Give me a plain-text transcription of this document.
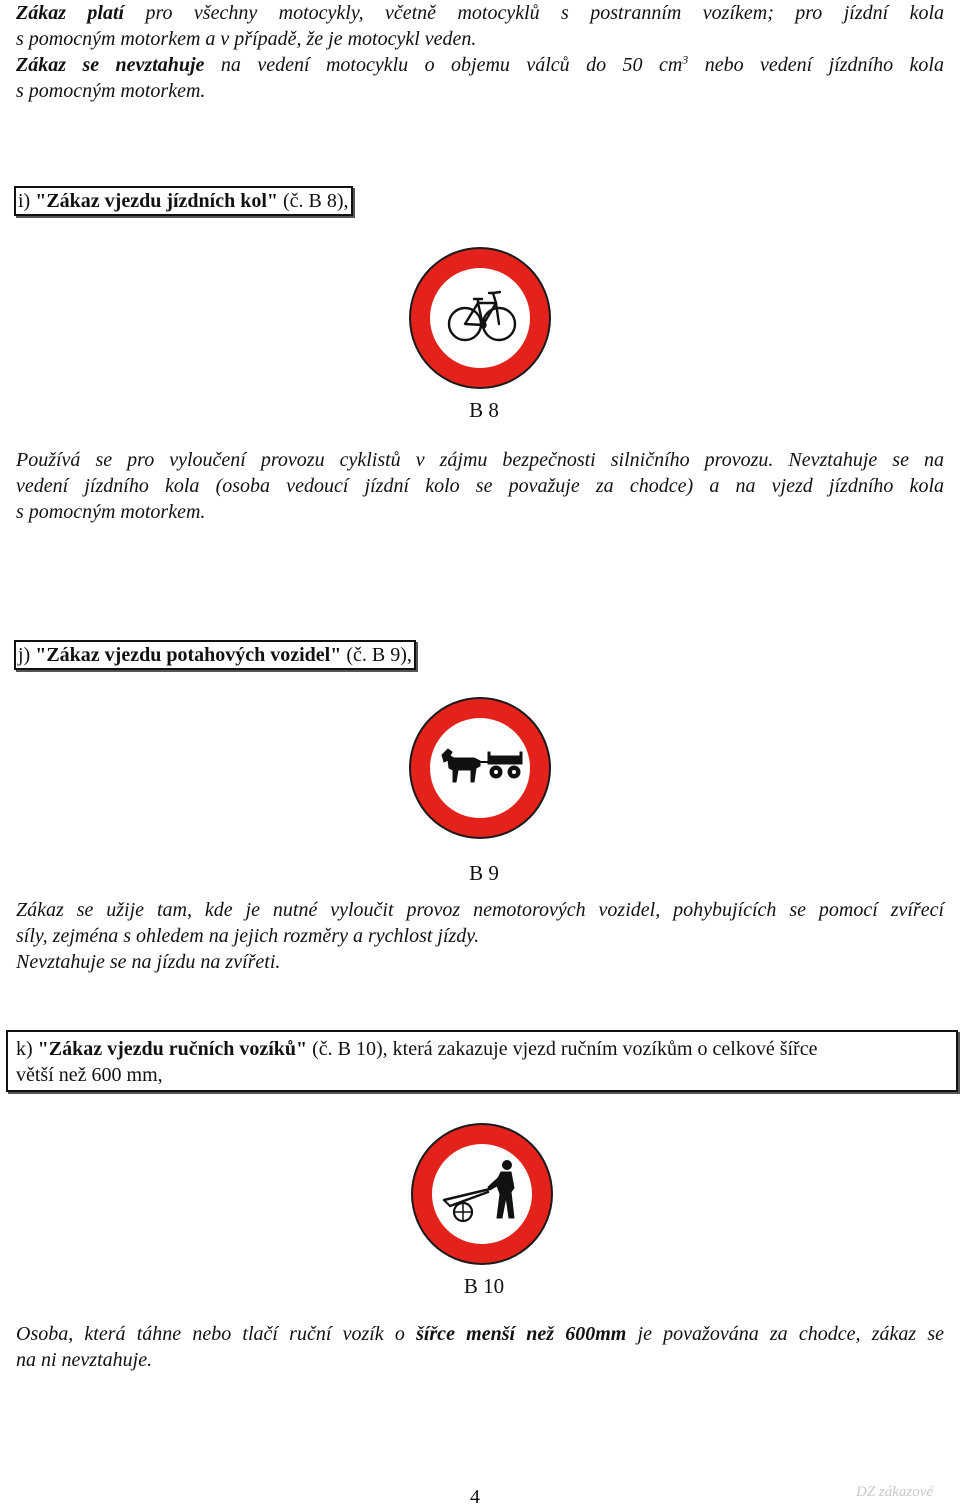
Zákaz platí pro všechny motocykly, včetně motocyklů s postranním vozíkem; pro jízdní kola
s pomocným motorkem a v případě, že je motocykl veden.
Zákaz se nevztahuje na vedení motocyklu o objemu válců do 50 $cm^3$ nebo vedení jízdního kola
s pomocným motorkem.
i) "Zákaz vjezdu jízdních kol" (č. B 8),
B 8
Používá se pro vyloučení provozu cyklistů v zájmu bezpečnosti silničního provozu. Nevztahuje se na
vedení jízdního kola (osoba vedoucí jízdní kolo se považuje za chodce) a na vjezd jízdního kola
s pomocným motorkem.
j) "Zákaz vjezdu potahových vozidel" (č. B 9),
B 9
Zákaz se užije tam, kde je nutné vyloučit provoz nemotorových vozidel, pohybujících se pomocí zvířecí
síly, zejména s ohledem na jejich rozměry a rychlost jízdy.
Nevztahuje se na jízdu na zvířeti.
k) "Zákaz vjezdu ručních vozíků" (č. B 10), která zakazuje vjezd ručním vozíkům o celkové šířce
větší než 600 mm,
B 10
Osoba, která táhne nebo tlačí ruční vozík o šířce menší než 600mm je považována za chodce, zákaz se
na ni nevztahuje.
4	DZ zákazové
